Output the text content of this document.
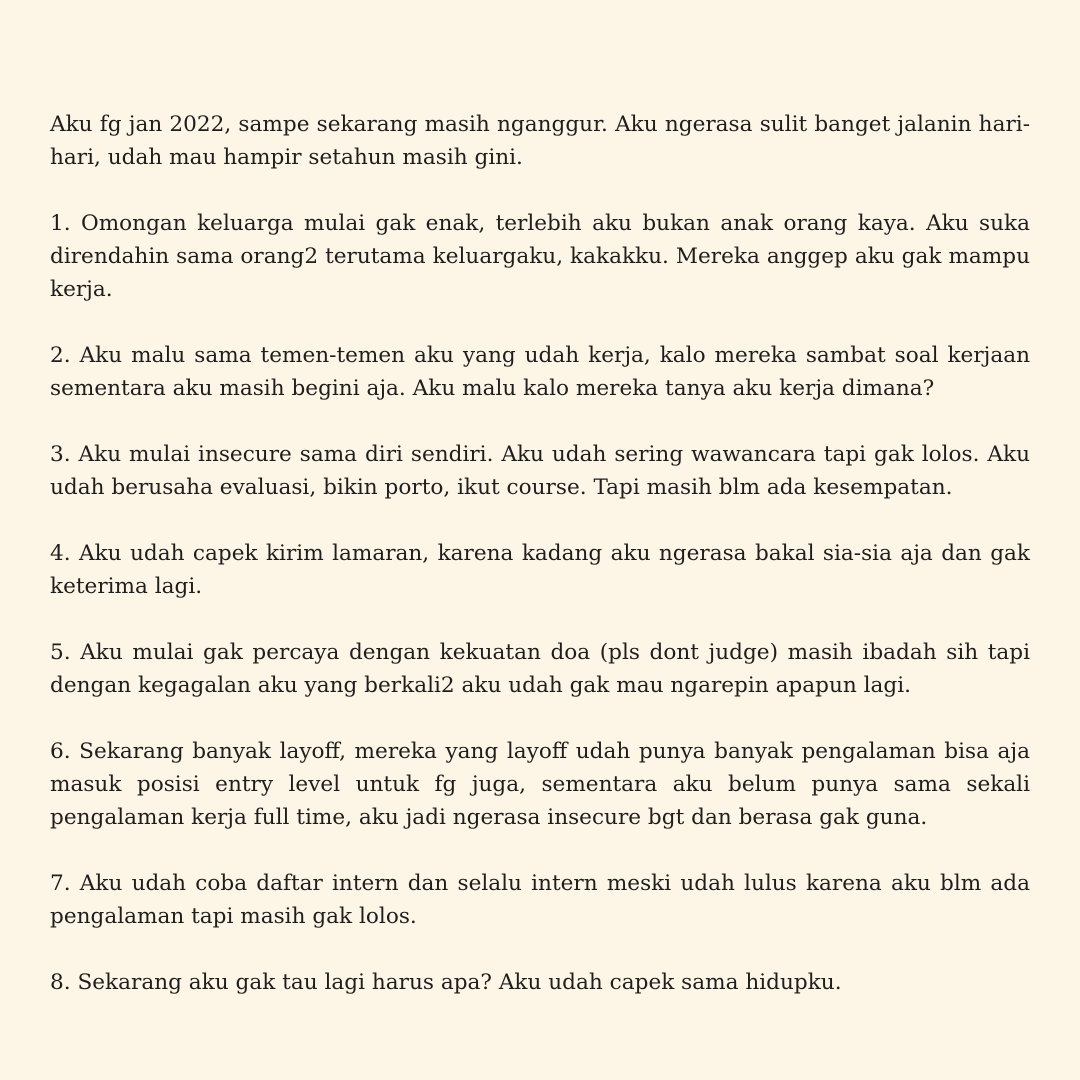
Aku fg jan 2022, sampe sekarang masih nganggur. Aku ngerasa sulit banget jalanin hari-hari, udah mau hampir setahun masih gini.

1. Omongan keluarga mulai gak enak, terlebih aku bukan anak orang kaya. Aku suka direndahin sama orang2 terutama keluargaku, kakakku. Mereka anggep aku gak mampu kerja.

2. Aku malu sama temen-temen aku yang udah kerja, kalo mereka sambat soal kerjaan sementara aku masih begini aja. Aku malu kalo mereka tanya aku kerja dimana?

3. Aku mulai insecure sama diri sendiri. Aku udah sering wawancara tapi gak lolos. Aku udah berusaha evaluasi, bikin porto, ikut course. Tapi masih blm ada kesempatan.

4. Aku udah capek kirim lamaran, karena kadang aku ngerasa bakal sia-sia aja dan gak keterima lagi.

5. Aku mulai gak percaya dengan kekuatan doa (pls dont judge) masih ibadah sih tapi dengan kegagalan aku yang berkali2 aku udah gak mau ngarepin apapun lagi.

6. Sekarang banyak layoff, mereka yang layoff udah punya banyak pengalaman bisa aja masuk posisi entry level untuk fg juga, sementara aku belum punya sama sekali pengalaman kerja full time, aku jadi ngerasa insecure bgt dan berasa gak guna.

7. Aku udah coba daftar intern dan selalu intern meski udah lulus karena aku blm ada pengalaman tapi masih gak lolos.

8. Sekarang aku gak tau lagi harus apa? Aku udah capek sama hidupku.
